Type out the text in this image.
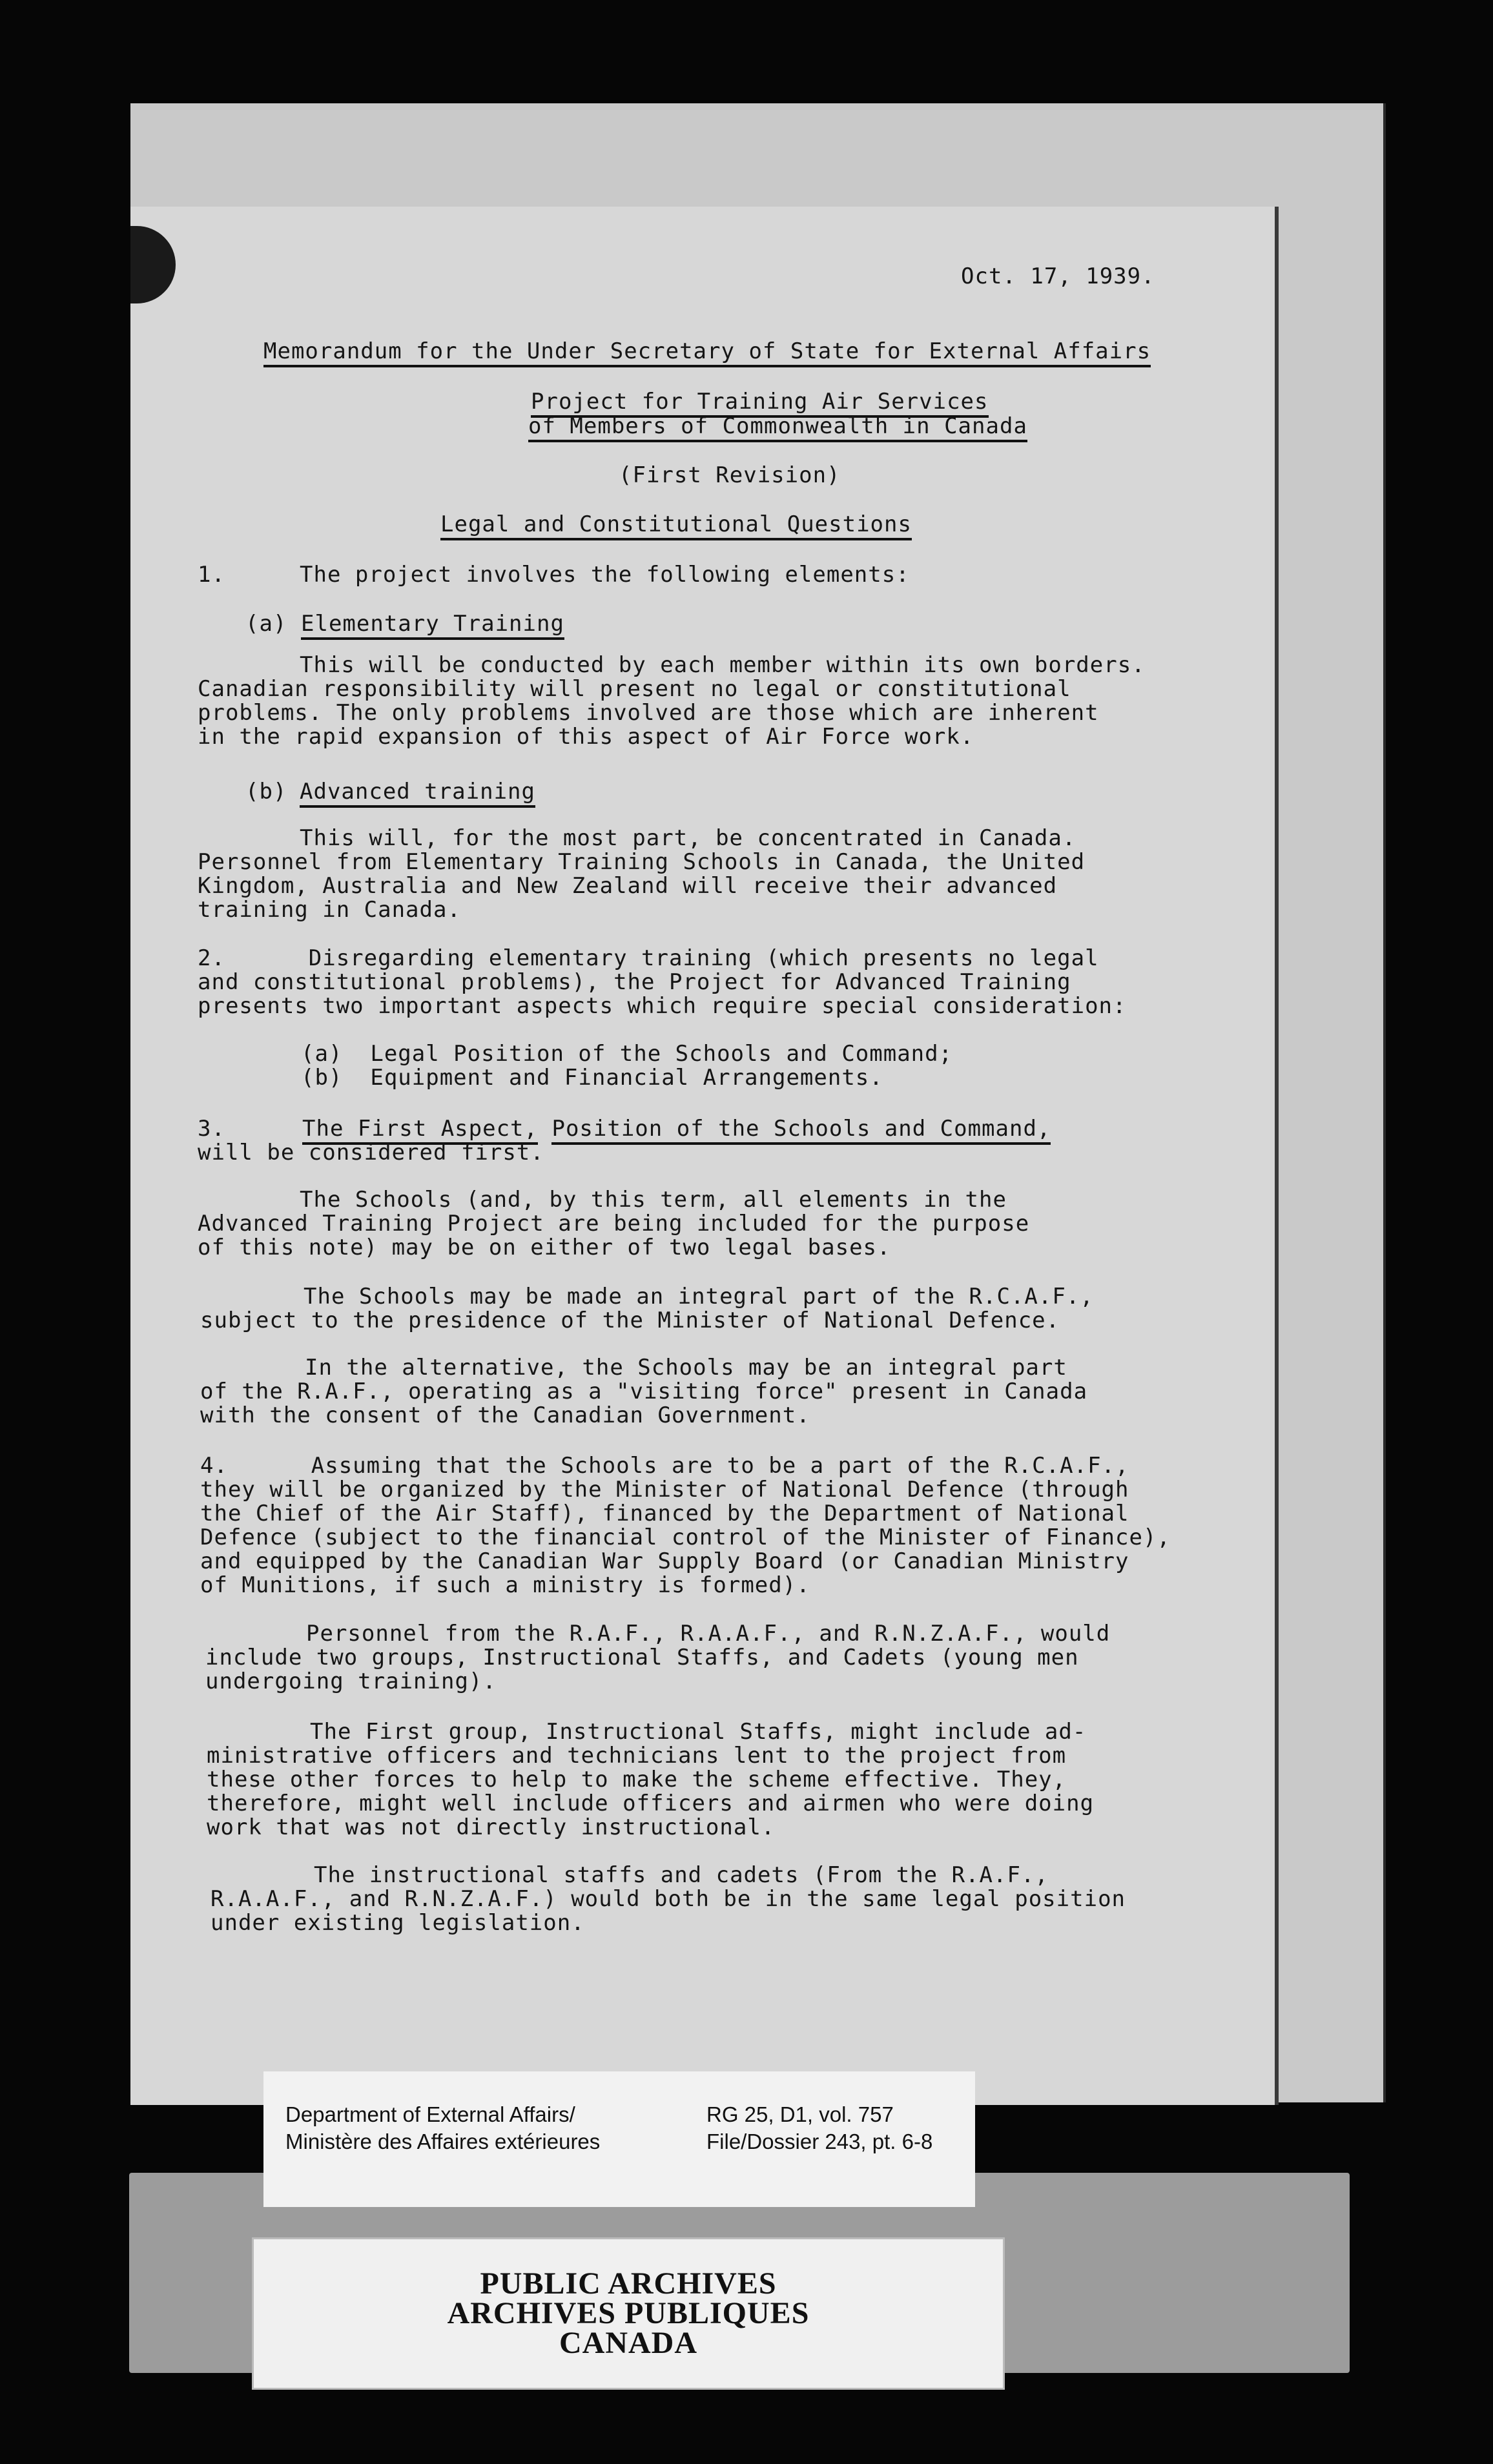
Oct. 17, 1939.
Memorandum for the Under Secretary of State for External Affairs
Project for Training Air Services
of Members of Commonwealth in Canada
(First Revision)
Legal and Constitutional Questions
1.	The project involves the following elements:
(a) Elementary Training
This will be conducted by each member within its own borders.
Canadian responsibility will present no legal or constitutional
problems. The only problems involved are those which are inherent
in the rapid expansion of this aspect of Air Force work.
(b) Advanced training
This will, for the most part, be concentrated in Canada.
Personnel from Elementary Training Schools in Canada, the United
Kingdom, Australia and New Zealand will receive their advanced
training in Canada.
2.      Disregarding elementary training (which presents no legal
and constitutional problems), the Project for Advanced Training
presents two important aspects which require special consideration:
(a)  Legal Position of the Schools and Command;
(b)  Equipment and Financial Arrangements.
3.	The First Aspect, Position of the Schools and Command,
will be considered first.
The Schools (and, by this term, all elements in the
Advanced Training Project are being included for the purpose
of this note) may be on either of two legal bases.
The Schools may be made an integral part of the R.C.A.F.,
subject to the presidence of the Minister of National Defence.
In the alternative, the Schools may be an integral part
of the R.A.F., operating as a "visiting force" present in Canada
with the consent of the Canadian Government.
4.      Assuming that the Schools are to be a part of the R.C.A.F.,
they will be organized by the Minister of National Defence (through
the Chief of the Air Staff), financed by the Department of National
Defence (subject to the financial control of the Minister of Finance),
and equipped by the Canadian War Supply Board (or Canadian Ministry
of Munitions, if such a ministry is formed).
Personnel from the R.A.F., R.A.A.F., and R.N.Z.A.F., would
include two groups, Instructional Staffs, and Cadets (young men
undergoing training).
The First group, Instructional Staffs, might include ad-
ministrative officers and technicians lent to the project from
these other forces to help to make the scheme effective. They,
therefore, might well include officers and airmen who were doing
work that was not directly instructional.
The instructional staffs and cadets (From the R.A.F.,
R.A.A.F., and R.N.Z.A.F.) would both be in the same legal position
under existing legislation.
Department of External Affairs/
Ministère des Affaires extérieures
RG 25, D1, vol. 757
File/Dossier 243, pt. 6-8
PUBLIC ARCHIVES
ARCHIVES PUBLIQUES
CANADA
